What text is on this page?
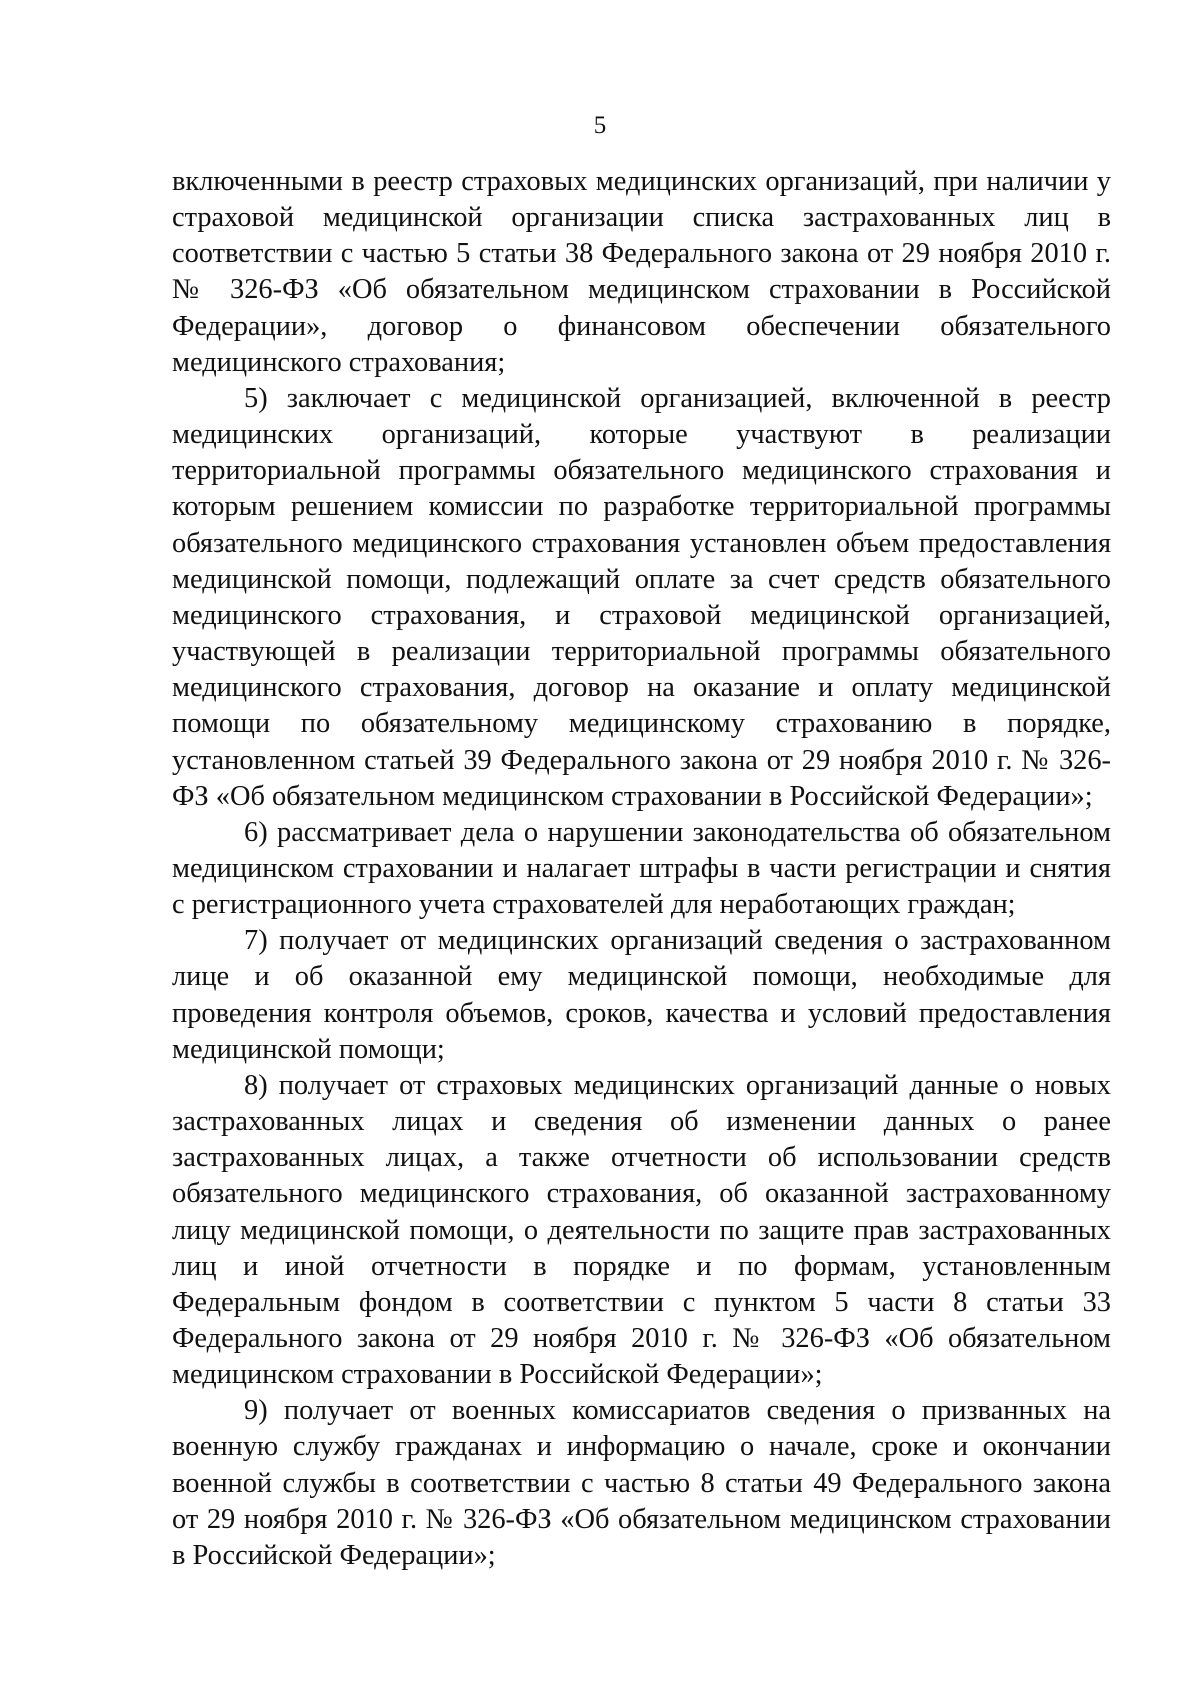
5

включенными в реестр страховых медицинских организаций, при наличии у страховой медицинской организации списка застрахованных лиц в соответствии с частью 5 статьи 38 Федерального закона от 29 ноября 2010 г. № 326-ФЗ «Об обязательном медицинском страховании в Российской Федерации», договор о финансовом обеспечении обязательного медицинского страхования;

5) заключает с медицинской организацией, включенной в реестр медицинских организаций, которые участвуют в реализации территориальной программы обязательного медицинского страхования и которым решением комиссии по разработке территориальной программы обязательного медицинского страхования установлен объем предоставления медицинской помощи, подлежащий оплате за счет средств обязательного медицинского страхования, и страховой медицинской организацией, участвующей в реализации территориальной программы обязательного медицинского страхования, договор на оказание и оплату медицинской помощи по обязательному медицинскому страхованию в порядке, установленном статьей 39 Федерального закона от 29 ноября 2010 г. № 326-ФЗ «Об обязательном медицинском страховании в Российской Федерации»;

6) рассматривает дела о нарушении законодательства об обязательном медицинском страховании и налагает штрафы в части регистрации и снятия с регистрационного учета страхователей для неработающих граждан;

7) получает от медицинских организаций сведения о застрахованном лице и об оказанной ему медицинской помощи, необходимые для проведения контроля объемов, сроков, качества и условий предоставления медицинской помощи;

8) получает от страховых медицинских организаций данные о новых застрахованных лицах и сведения об изменении данных о ранее застрахованных лицах, а также отчетности об использовании средств обязательного медицинского страхования, об оказанной застрахованному лицу медицинской помощи, о деятельности по защите прав застрахованных лиц и иной отчетности в порядке и по формам, установленным Федеральным фондом в соответствии с пунктом 5 части 8 статьи 33 Федерального закона от 29 ноября 2010 г. № 326-ФЗ «Об обязательном медицинском страховании в Российской Федерации»;

9) получает от военных комиссариатов сведения о призванных на военную службу гражданах и информацию о начале, сроке и окончании военной службы в соответствии с частью 8 статьи 49 Федерального закона от 29 ноября 2010 г. № 326-ФЗ «Об обязательном медицинском страховании в Российской Федерации»;
